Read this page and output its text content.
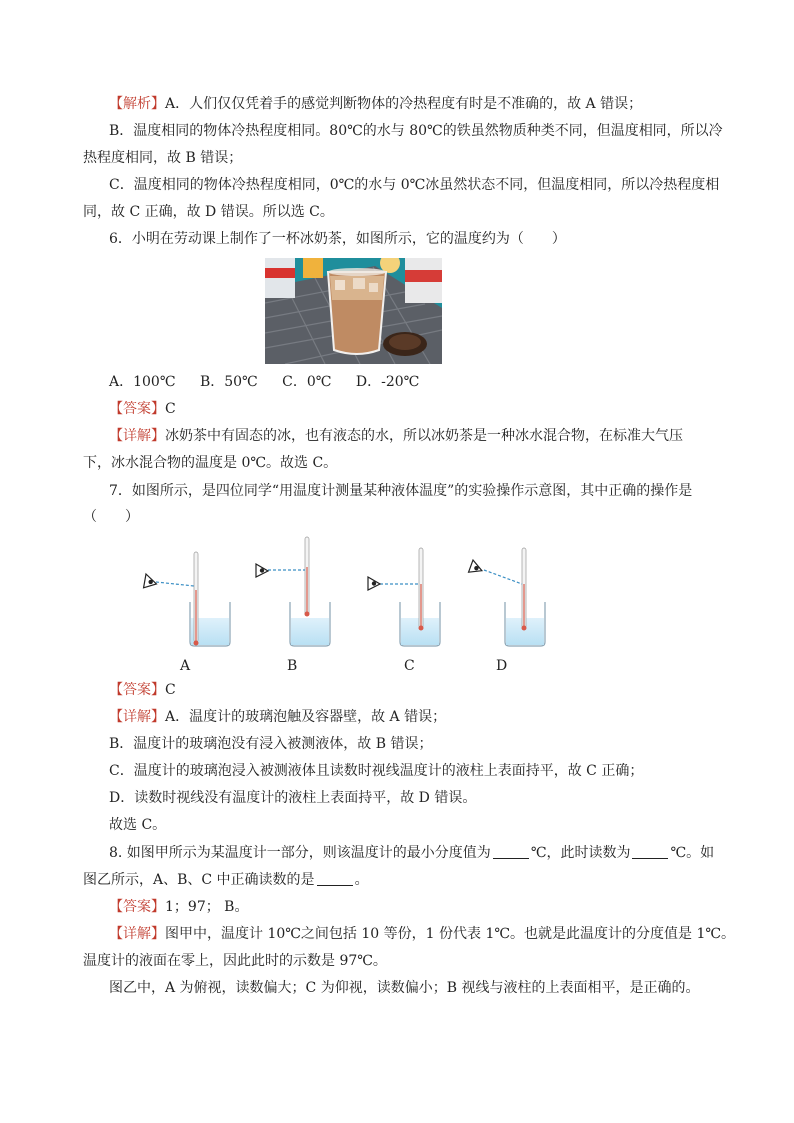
【解析】A．人们仅仅凭着手的感觉判断物体的冷热程度有时是不准确的，故 A 错误；
B．温度相同的物体冷热程度相同。80℃的水与 80℃的铁虽然物质种类不同，但温度相同，所以冷
热程度相同，故 B 错误；
C．温度相同的物体冷热程度相同，0℃的水与 0℃冰虽然状态不同，但温度相同，所以冷热程度相
同，故 C 正确，故 D 错误。所以选 C。
6．小明在劳动课上制作了一杯冰奶茶，如图所示，它的温度约为（　　）
A．100℃ B．50℃ C．0℃ D．-20℃
【答案】C
【详解】冰奶茶中有固态的冰，也有液态的水，所以冰奶茶是一种冰水混合物，在标准大气压
下，冰水混合物的温度是 0℃。故选 C。
7．如图所示，是四位同学“用温度计测量某种液体温度”的实验操作示意图，其中正确的操作是
（　　）
A	B	C	D
【答案】C
【详解】A．温度计的玻璃泡触及容器壁，故 A 错误；
B．温度计的玻璃泡没有浸入被测液体，故 B 错误；
C．温度计的玻璃泡浸入被测液体且读数时视线温度计的液柱上表面持平，故 C 正确；
D．读数时视线没有温度计的液柱上表面持平，故 D 错误。
故选 C。
8. 如图甲所示为某温度计一部分，则该温度计的最小分度值为	℃，此时读数为	℃。如
图乙所示，A、B、C 中正确读数的是	。
【答案】1；97； B。
【详解】图甲中，温度计 10℃之间包括 10 等份，1 份代表 1℃。也就是此温度计的分度值是 1℃。
温度计的液面在零上，因此此时的示数是 97℃。
图乙中，A 为俯视，读数偏大；C 为仰视，读数偏小；B 视线与液柱的上表面相平，是正确的。
